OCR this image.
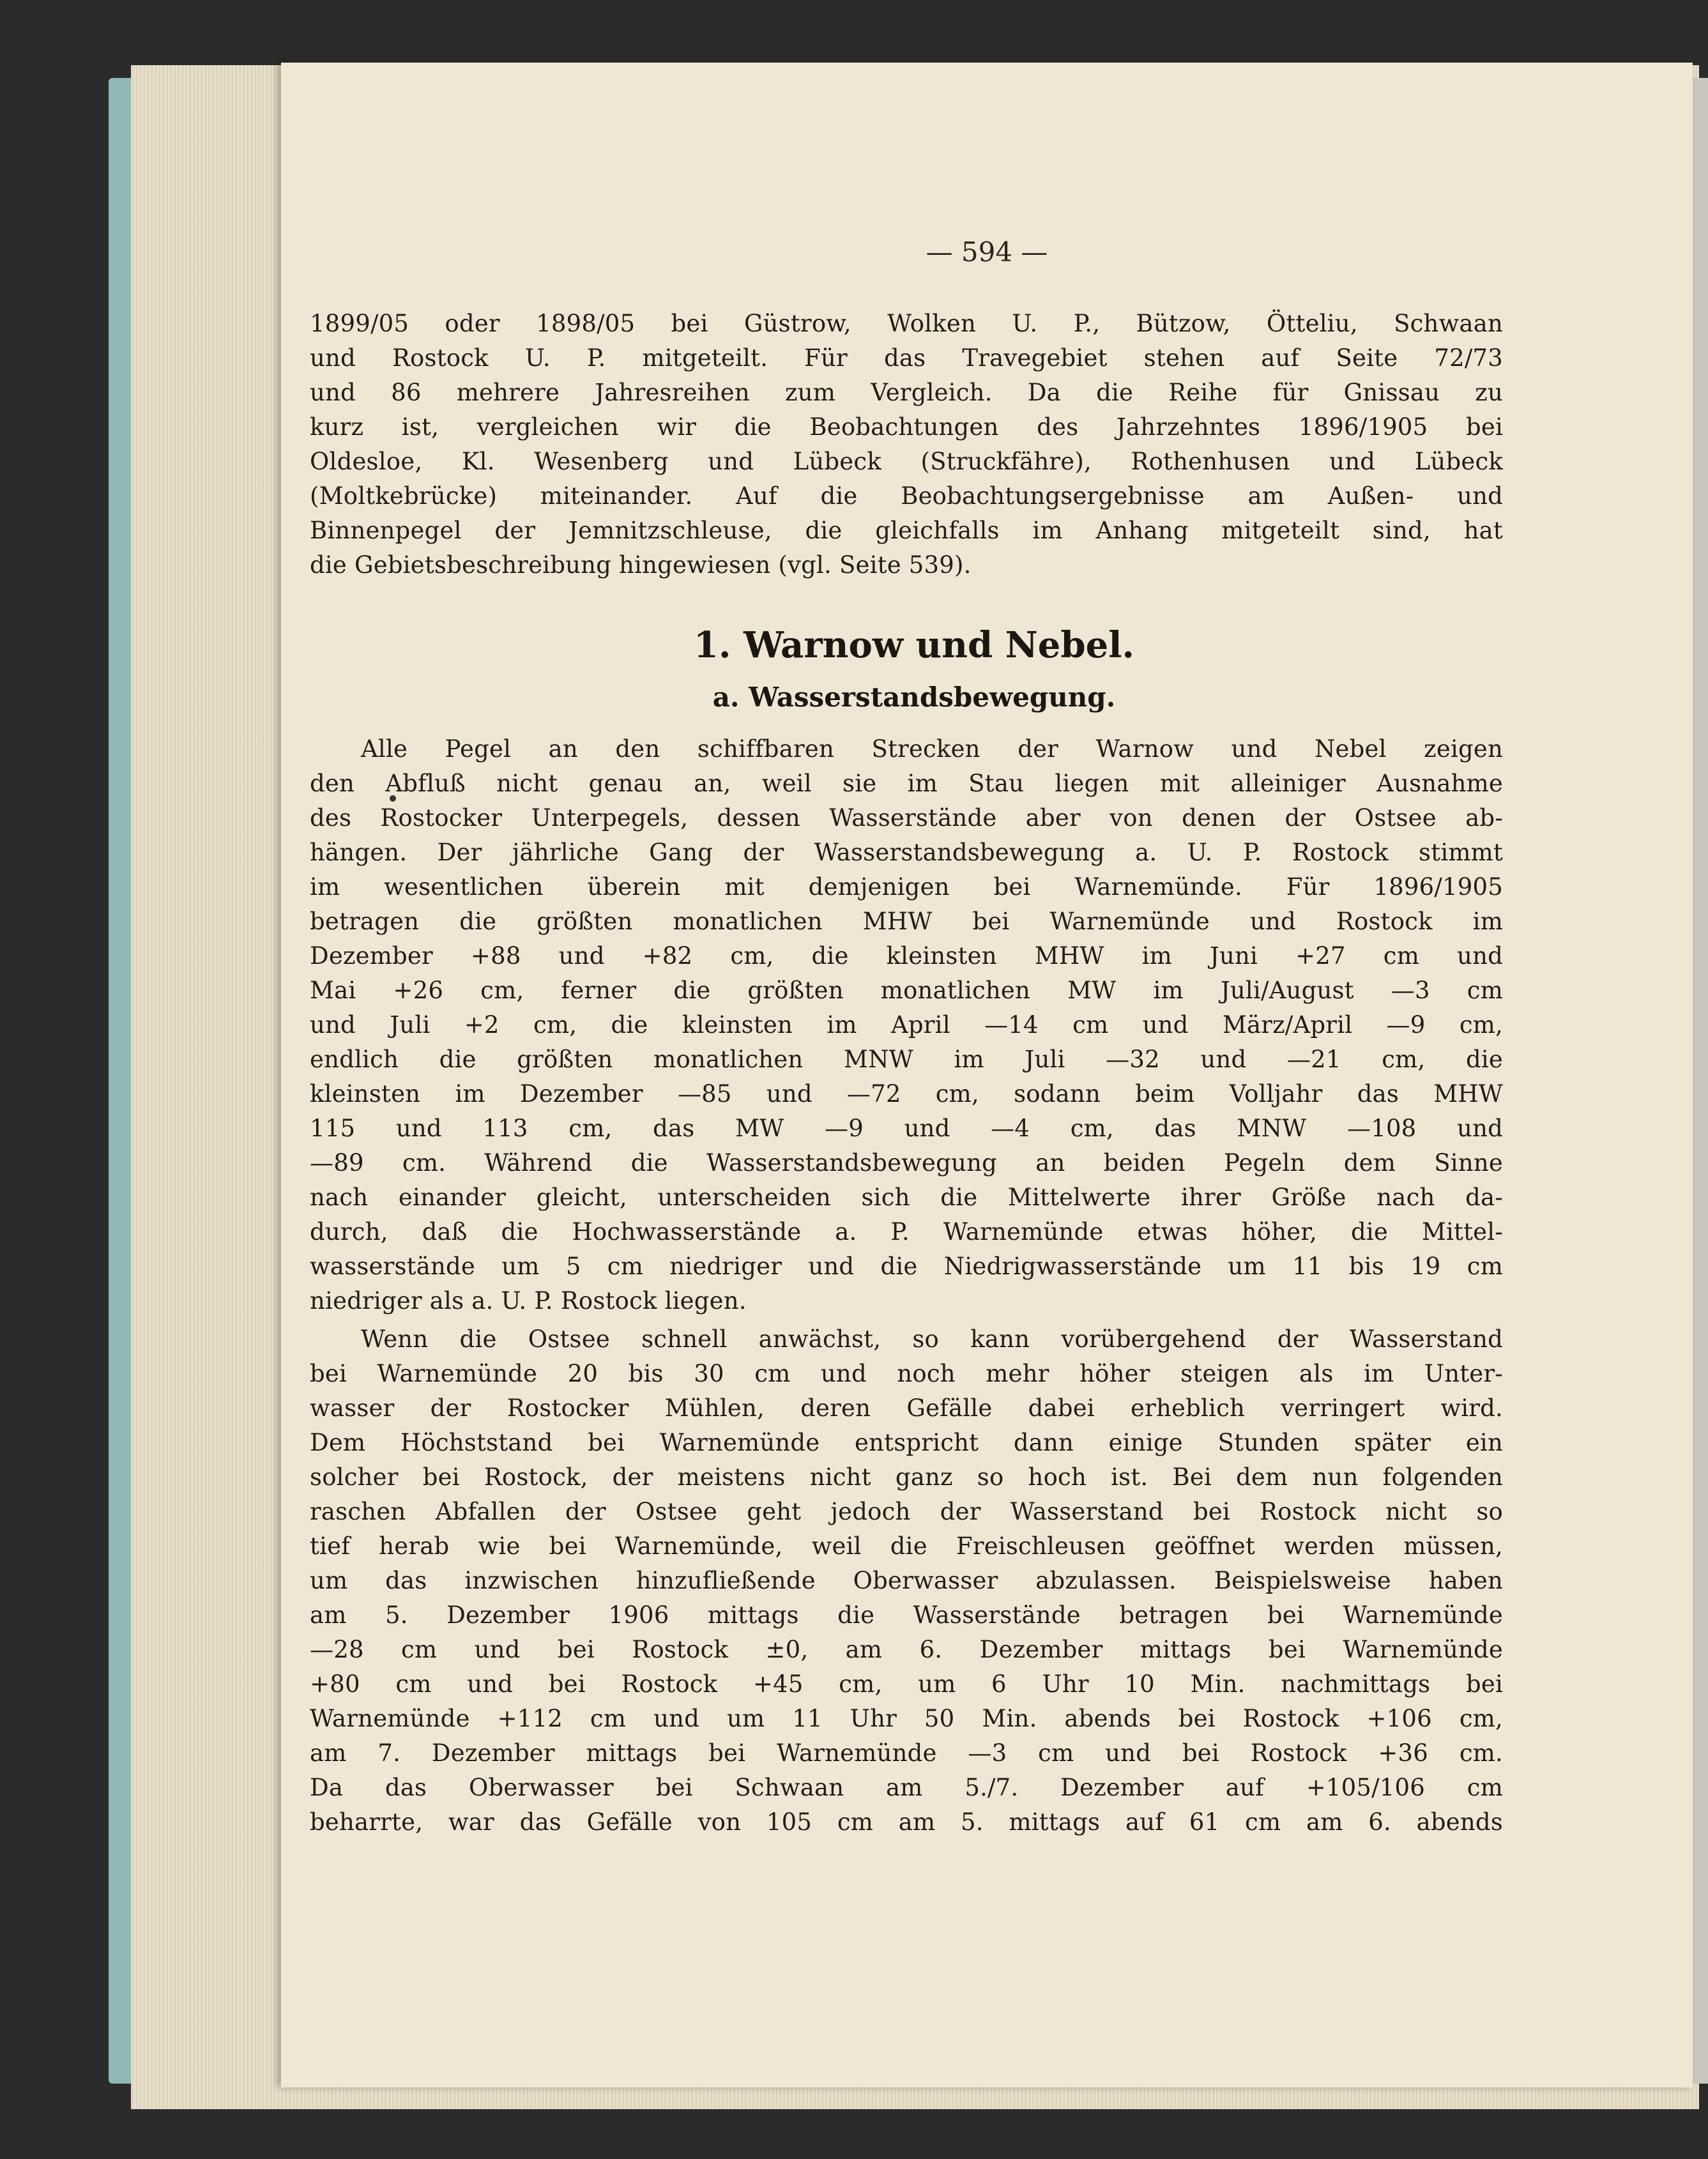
— 594 —
1899/05 oder 1898/05 bei Güstrow, Wolken U. P., Bützow, Ötteliu, Schwaan
und Rostock U. P. mitgeteilt. Für das Travegebiet stehen auf Seite 72/73
und 86 mehrere Jahresreihen zum Vergleich. Da die Reihe für Gnissau zu
kurz ist, vergleichen wir die Beobachtungen des Jahrzehntes 1896/1905 bei
Oldesloe, Kl. Wesenberg und Lübeck (Struckfähre), Rothenhusen und Lübeck
(Moltkebrücke) miteinander. Auf die Beobachtungsergebnisse am Außen- und
Binnenpegel der Jemnitzschleuse, die gleichfalls im Anhang mitgeteilt sind, hat
die Gebietsbeschreibung hingewiesen (vgl. Seite 539).
1. Warnow und Nebel.
a. Wasserstandsbewegung.
Alle Pegel an den schiffbaren Strecken der Warnow und Nebel zeigen
den Abfluß nicht genau an, weil sie im Stau liegen mit alleiniger Ausnahme
des Rostocker Unterpegels, dessen Wasserstände aber von denen der Ostsee ab-
hängen. Der jährliche Gang der Wasserstandsbewegung a. U. P. Rostock stimmt
im wesentlichen überein mit demjenigen bei Warnemünde. Für 1896/1905
betragen die größten monatlichen MHW bei Warnemünde und Rostock im
Dezember +88 und +82 cm, die kleinsten MHW im Juni +27 cm und
Mai +26 cm, ferner die größten monatlichen MW im Juli/August —3 cm
und Juli +2 cm, die kleinsten im April —14 cm und März/April —9 cm,
endlich die größten monatlichen MNW im Juli —32 und —21 cm, die
kleinsten im Dezember —85 und —72 cm, sodann beim Volljahr das MHW
115 und 113 cm, das MW —9 und —4 cm, das MNW —108 und
—89 cm. Während die Wasserstandsbewegung an beiden Pegeln dem Sinne
nach einander gleicht, unterscheiden sich die Mittelwerte ihrer Größe nach da-
durch, daß die Hochwasserstände a. P. Warnemünde etwas höher, die Mittel-
wasserstände um 5 cm niedriger und die Niedrigwasserstände um 11 bis 19 cm
niedriger als a. U. P. Rostock liegen.
Wenn die Ostsee schnell anwächst, so kann vorübergehend der Wasserstand
bei Warnemünde 20 bis 30 cm und noch mehr höher steigen als im Unter-
wasser der Rostocker Mühlen, deren Gefälle dabei erheblich verringert wird.
Dem Höchststand bei Warnemünde entspricht dann einige Stunden später ein
solcher bei Rostock, der meistens nicht ganz so hoch ist. Bei dem nun folgenden
raschen Abfallen der Ostsee geht jedoch der Wasserstand bei Rostock nicht so
tief herab wie bei Warnemünde, weil die Freischleusen geöffnet werden müssen,
um das inzwischen hinzufließende Oberwasser abzulassen. Beispielsweise haben
am 5. Dezember 1906 mittags die Wasserstände betragen bei Warnemünde
—28 cm und bei Rostock ±0, am 6. Dezember mittags bei Warnemünde
+80 cm und bei Rostock +45 cm, um 6 Uhr 10 Min. nachmittags bei
Warnemünde +112 cm und um 11 Uhr 50 Min. abends bei Rostock +106 cm,
am 7. Dezember mittags bei Warnemünde —3 cm und bei Rostock +36 cm.
Da das Oberwasser bei Schwaan am 5./7. Dezember auf +105/106 cm
beharrte, war das Gefälle von 105 cm am 5. mittags auf 61 cm am 6. abends
